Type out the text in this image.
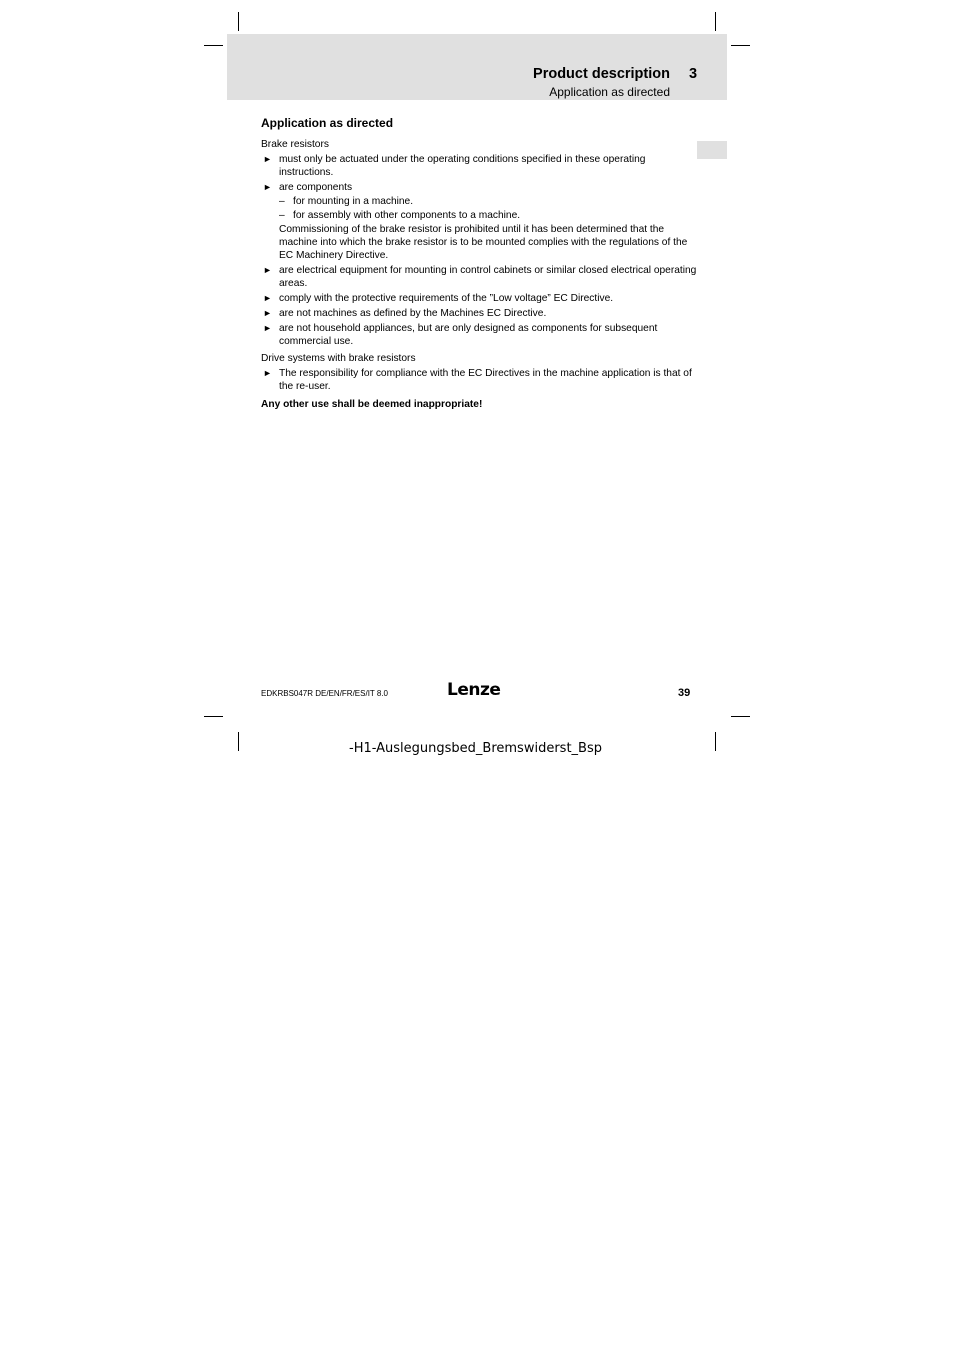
Product description 3
Application as directed
Application as directed
Brake resistors
► must only be actuated under the operating conditions specified in these operating instructions.
► are components
– for mounting in a machine.
– for assembly with other components to a machine.
Commissioning of the brake resistor is prohibited until it has been determined that the machine into which the brake resistor is to be mounted complies with the regulations of the EC Machinery Directive.
► are electrical equipment for mounting in control cabinets or similar closed electrical operating areas.
► comply with the protective requirements of the ”Low voltage” EC Directive.
► are not machines as defined by the Machines EC Directive.
► are not household appliances, but are only designed as components for subsequent commercial use.
Drive systems with brake resistors
► The responsibility for compliance with the EC Directives in the machine application is that of the re-user.
Any other use shall be deemed inappropriate!
EDKRBS047R DE/EN/FR/ES/IT 8.0	Lenze	39
-H1-Auslegungsbed_Bremswiderst_Bsp
